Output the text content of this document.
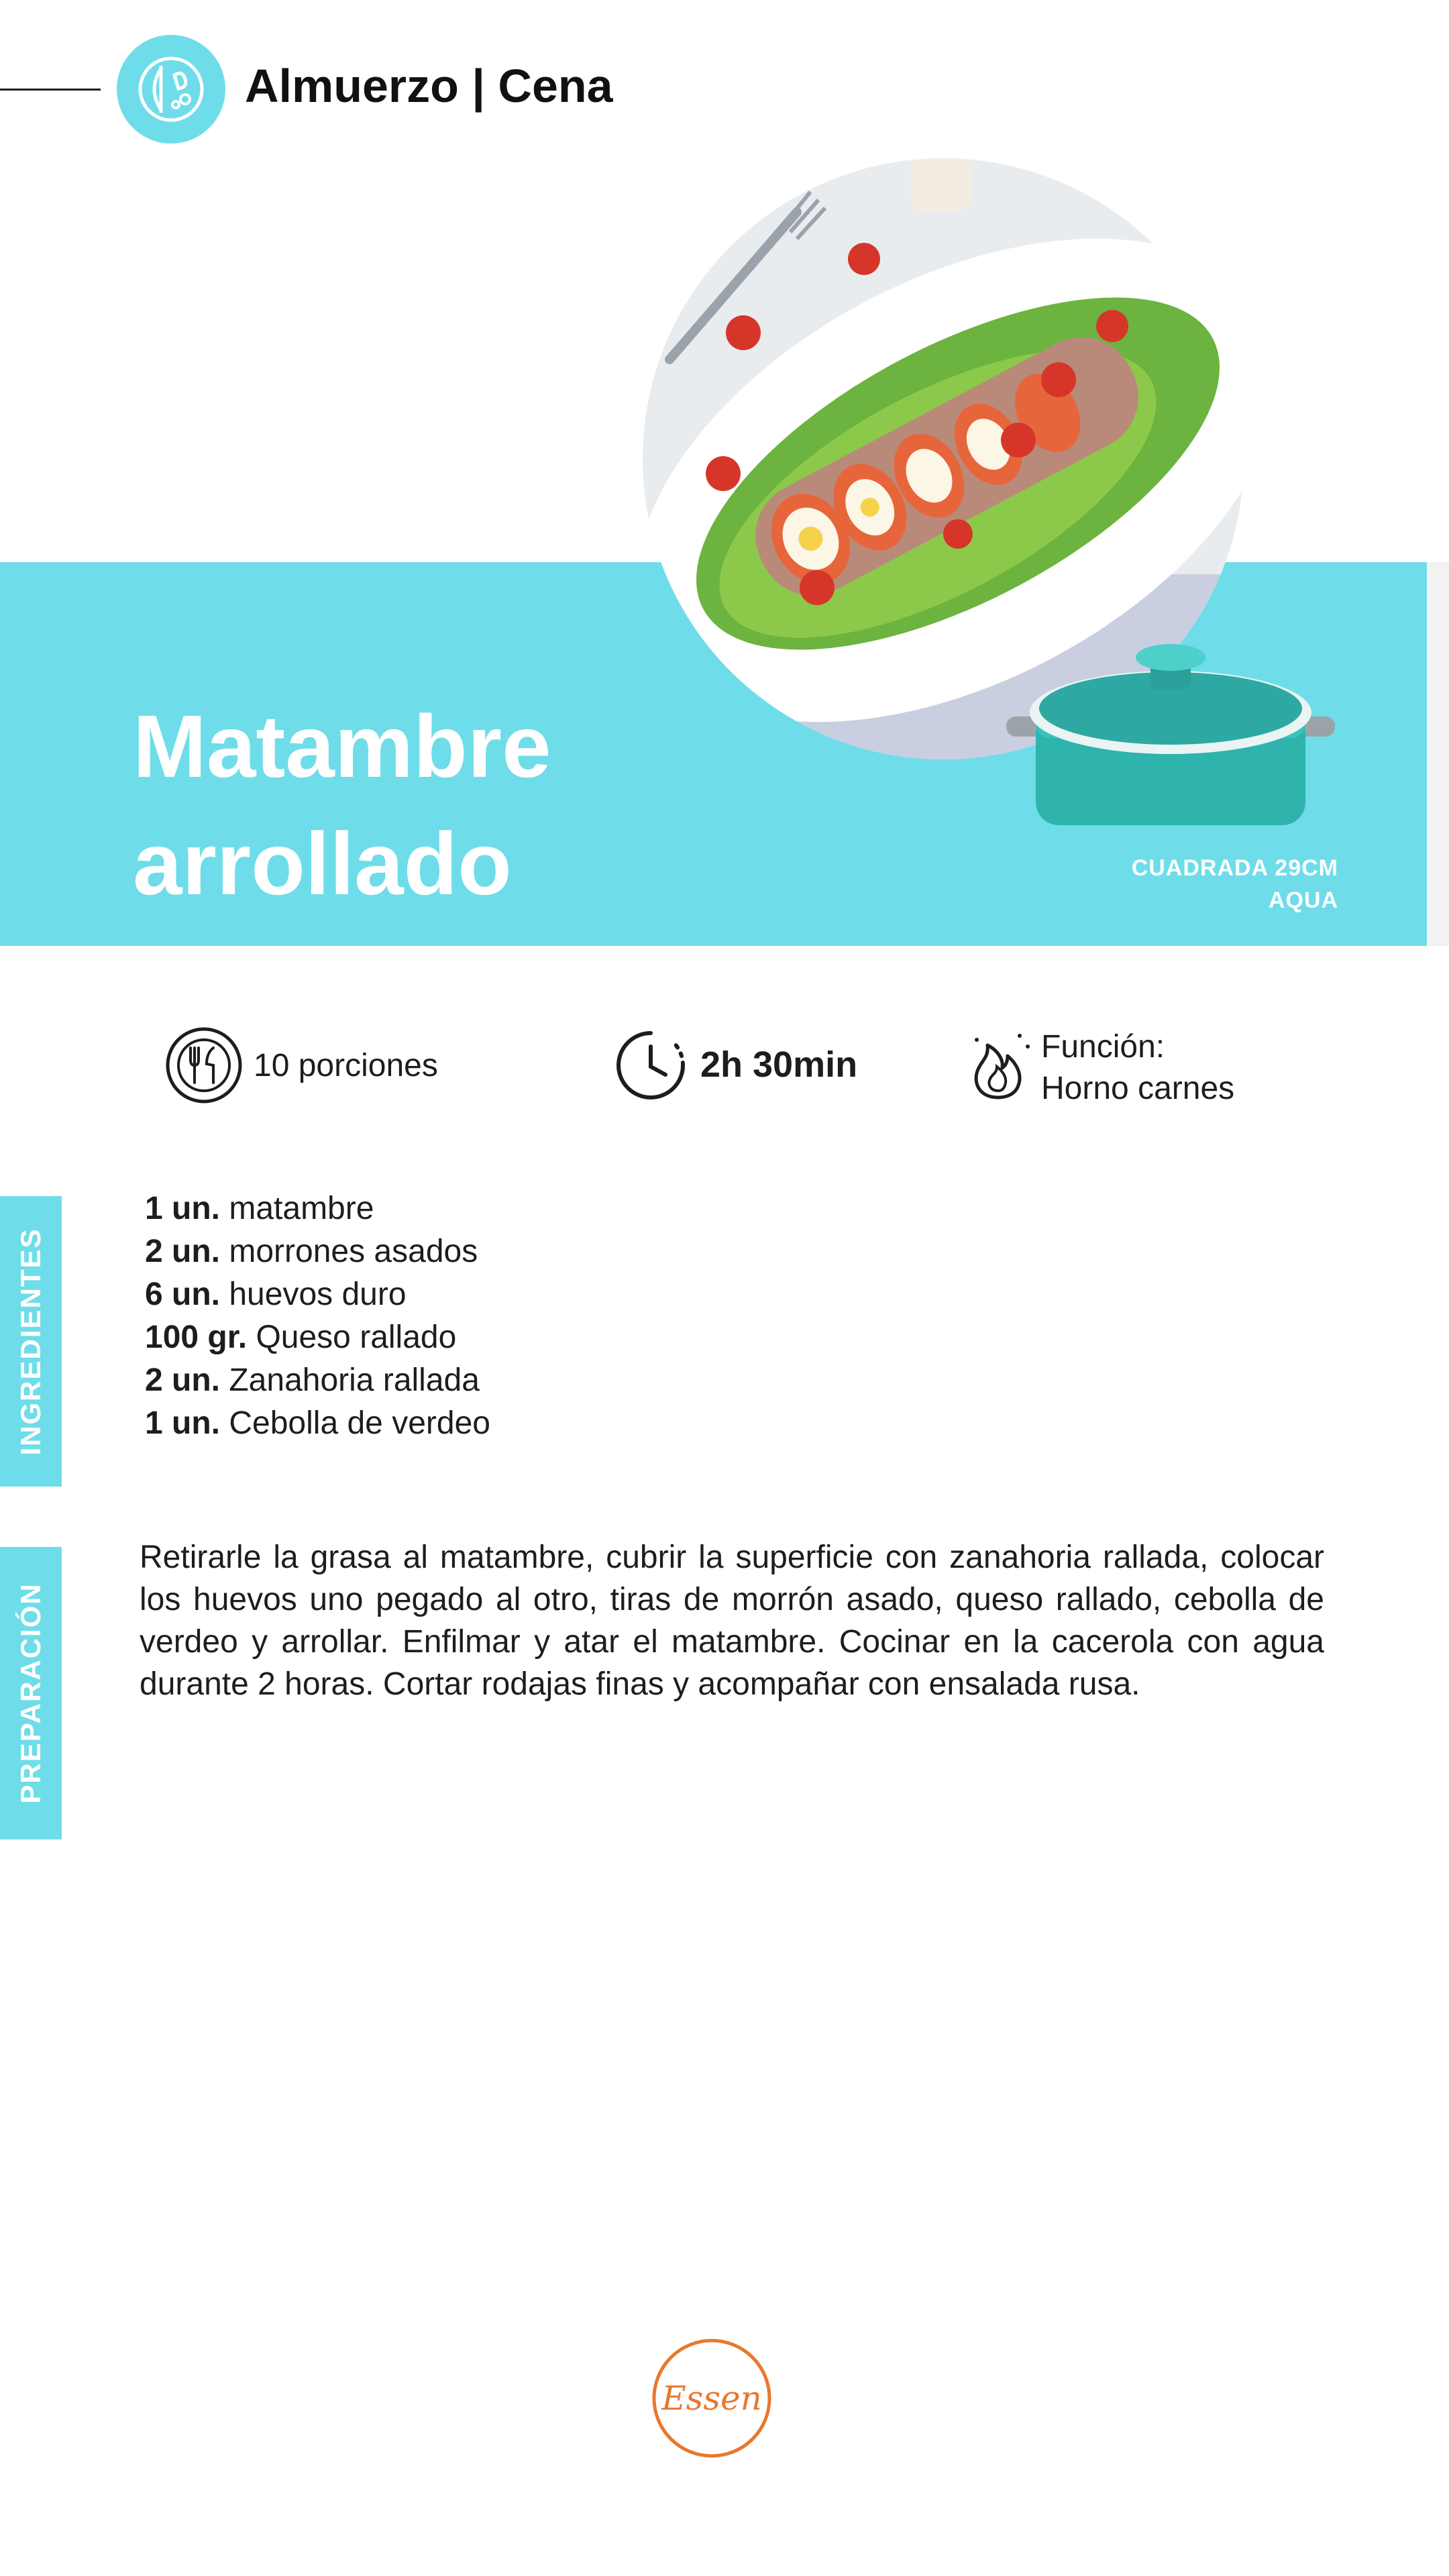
Almuerzo | Cena
Matambre
arrollado	CUADRADA 29CM
AQUA
10 porciones	2h 30min	Función:
Horno carnes
INGREDIENTES
PREPARACIÓN
1 un. matambre
2 un. morrones asados
6 un. huevos duro
100 gr. Queso rallado
2 un. Zanahoria rallada
1 un. Cebolla de verdeo

Retirarle la grasa al matambre, cubrir la superficie con zanahoria rallada, colocar los huevos uno pegado al otro, tiras de morrón asado, queso rallado, cebolla de verdeo y arrollar. Enfilmar y atar el matambre. Cocinar en la cacerola con agua durante 2 horas. Cortar rodajas finas y acompañar con ensalada rusa.

Essen
